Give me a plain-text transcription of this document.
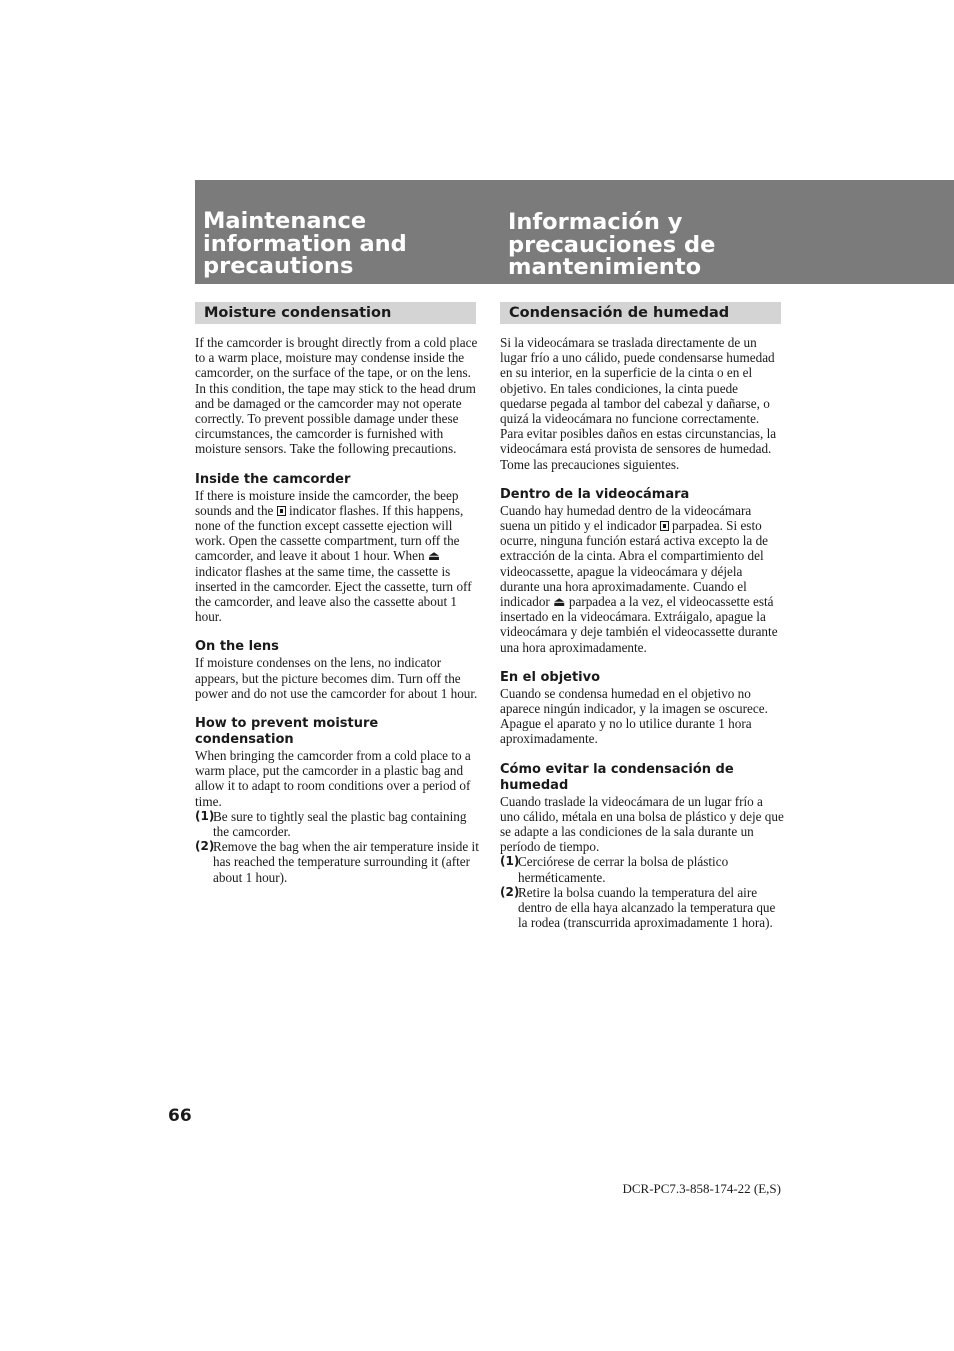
Maintenance
information and
precautions
Información y
precauciones de
mantenimiento
Moisture condensation	Condensación de humedad

If the camcorder is brought directly from a cold place to a warm place, moisture may condense inside the camcorder, on the surface of the tape, or on the lens. In this condition, the tape may stick to the head drum and be damaged or the camcorder may not operate correctly. To prevent possible damage under these circumstances, the camcorder is furnished with moisture sensors. Take the following precautions.

Inside the camcorder

If there is moisture inside the camcorder, the beep sounds and the indicator flashes. If this happens, none of the function except cassette ejection will work. Open the cassette compartment, turn off the camcorder, and leave it about 1 hour. When ⏏ indicator flashes at the same time, the cassette is inserted in the camcorder. Eject the cassette, turn off the camcorder, and leave also the cassette about 1 hour.

On the lens

If moisture condenses on the lens, no indicator appears, but the picture becomes dim. Turn off the power and do not use the camcorder for about 1 hour.

How to prevent moisture condensation

When bringing the camcorder from a cold place to a warm place, put the camcorder in a plastic bag and allow it to adapt to room conditions over a period of time.

(1)
Be sure to tightly seal the plastic bag containing the camcorder.
(2)
Remove the bag when the air temperature inside it has reached the temperature surrounding it (after about 1 hour).

Si la videocámara se traslada directamente de un lugar frío a uno cálido, puede condensarse humedad en su interior, en la superficie de la cinta o en el objetivo. En tales condiciones, la cinta puede quedarse pegada al tambor del cabezal y dañarse, o quizá la videocámara no funcione correctamente. Para evitar posibles daños en estas circunstancias, la videocámara está provista de sensores de humedad. Tome las precauciones siguientes.

Dentro de la videocámara

Cuando hay humedad dentro de la videocámara suena un pitido y el indicador parpadea. Si esto ocurre, ninguna función estará activa excepto la de extracción de la cinta. Abra el compartimiento del videocassette, apague la videocámara y déjela durante una hora aproximadamente. Cuando el indicador ⏏ parpadea a la vez, el videocassette está insertado en la videocámara. Extráigalo, apague la videocámara y deje también el videocassette durante una hora aproximadamente.

En el objetivo

Cuando se condensa humedad en el objetivo no aparece ningún indicador, y la imagen se oscurece. Apague el aparato y no lo utilice durante 1 hora aproximadamente.

Cómo evitar la condensación de humedad

Cuando traslade la videocámara de un lugar frío a uno cálido, métala en una bolsa de plástico y deje que se adapte a las condiciones de la sala durante un período de tiempo.

(1)
Cerciórese de cerrar la bolsa de plástico herméticamente.
(2)
Retire la bolsa cuando la temperatura del aire dentro de ella haya alcanzado la temperatura que la rodea (transcurrida aproximadamente 1 hora).
66
DCR-PC7.3-858-174-22 (E,S)
